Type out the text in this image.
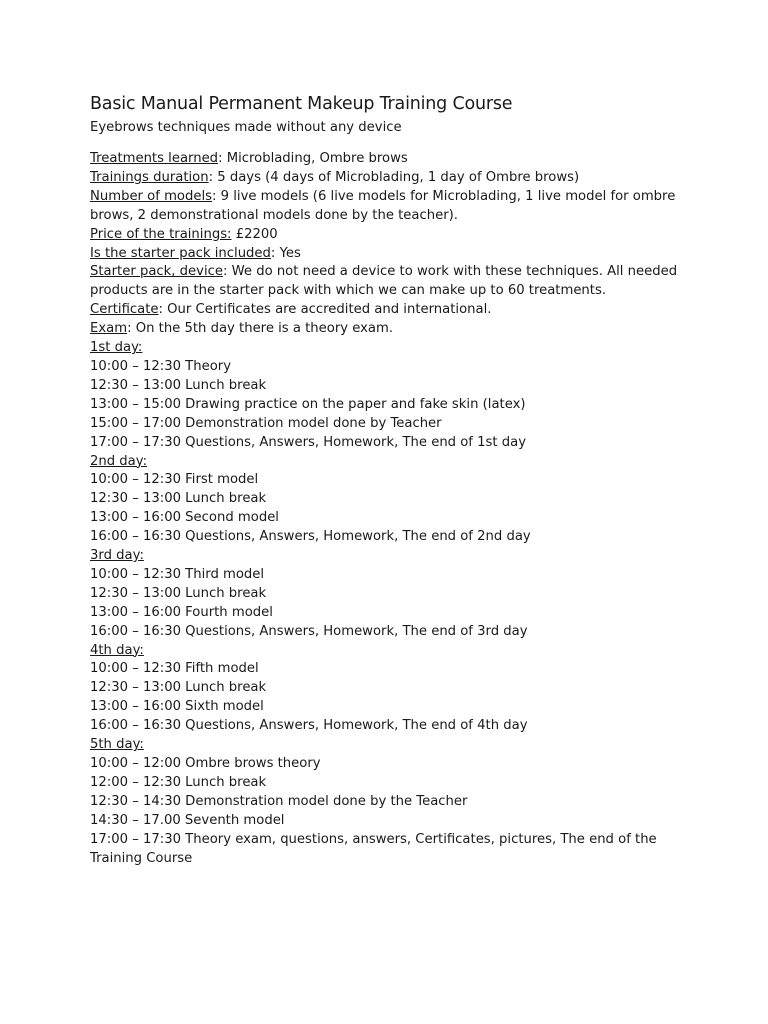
Basic Manual Permanent Makeup Training Course

Eyebrows techniques made without any device

Treatments learned: Microblading, Ombre brows

Trainings duration: 5 days (4 days of Microblading, 1 day of Ombre brows)

Number of models: 9 live models (6 live models for Microblading, 1 live model for ombre brows, 2 demonstrational models done by the teacher).

Price of the trainings: £2200

Is the starter pack included: Yes

Starter pack, device: We do not need a device to work with these techniques. All needed products are in the starter pack with which we can make up to 60 treatments.

Certificate: Our Certificates are accredited and international.

Exam: On the 5th day there is a theory exam.

1st day:

10:00 – 12:30 Theory

12:30 – 13:00 Lunch break

13:00 – 15:00 Drawing practice on the paper and fake skin (latex)

15:00 – 17:00 Demonstration model done by Teacher

17:00 – 17:30 Questions, Answers, Homework, The end of 1st day

2nd day:

10:00 – 12:30 First model

12:30 – 13:00 Lunch break

13:00 – 16:00 Second model

16:00 – 16:30 Questions, Answers, Homework, The end of 2nd day

3rd day:

10:00 – 12:30 Third model

12:30 – 13:00 Lunch break

13:00 – 16:00 Fourth model

16:00 – 16:30 Questions, Answers, Homework, The end of 3rd day

4th day:

10:00 – 12:30 Fifth model

12:30 – 13:00 Lunch break

13:00 – 16:00 Sixth model

16:00 – 16:30 Questions, Answers, Homework, The end of 4th day

5th day:

10:00 – 12:00 Ombre brows theory

12:00 – 12:30 Lunch break

12:30 – 14:30 Demonstration model done by the Teacher

14:30 – 17.00 Seventh model

17:00 – 17:30 Theory exam, questions, answers, Certificates, pictures, The end of the Training Course
